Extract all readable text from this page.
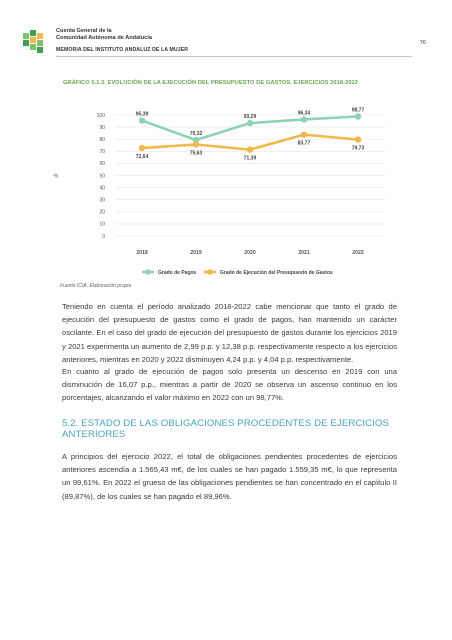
Cuenta General de la
Comunidad Autónoma de Andalucía
MEMORIA DEL INSTITUTO ANDALUZ DE LA MUJER
76
GRÁFICO 5.1.3. EVOLUCIÓN DE LA EJECUCIÓN DEL PRESUPUESTO DE GASTOS. EJERCICIOS 2018-2022
0
10
20
30
40
50
60
70
80
90
100
%
2018	2019	2020	2021	2022
95,39
79,32
93,29
96,34	98,77
72,64
75,63
71,39
83,77
79,73
Grado de Pagos	Grado de Ejecución del Presupuesto de Gastos
Fuente ICIA. Elaboración propia
Teniendo en cuenta el período analizado 2018-2022 cabe mencionar que tanto el grado de ejecución del presupuesto de gastos como el grado de pagos, han mantenido un carácter oscilante. En el caso del grado de ejecución del presupuesto de gastos durante los ejercicios 2019 y 2021 experimenta un aumento de 2,99 p.p. y 12,38 p.p. respectivamente respecto a los ejercicios anteriores, mientras en 2020 y 2022 disminuyen 4,24 p.p. y 4,04 p.p. respectivamente.
En cuanto al grado de ejecución de pagos solo presenta un descenso en 2019 con una disminución de 16,07 p.p., mientras a partir de 2020 se observa un ascenso continuo en los porcentajes, alcanzando el valor máximo en 2022 con un 98,77%.
5.2. ESTADO DE LAS OBLIGACIONES PROCEDENTES DE EJERCICIOS ANTERIORES
A principios del ejercicio 2022, el total de obligaciones pendientes procedentes de ejercicios anteriores ascendía a 1.565,43 m€, de los cuales se han pagado 1.559,35 m€, lo que representa un 99,61%. En 2022 el grueso de las obligaciones pendientes se han concentrado en el capítulo II (89,87%), de los cuales se han pagado el 89,96%.
